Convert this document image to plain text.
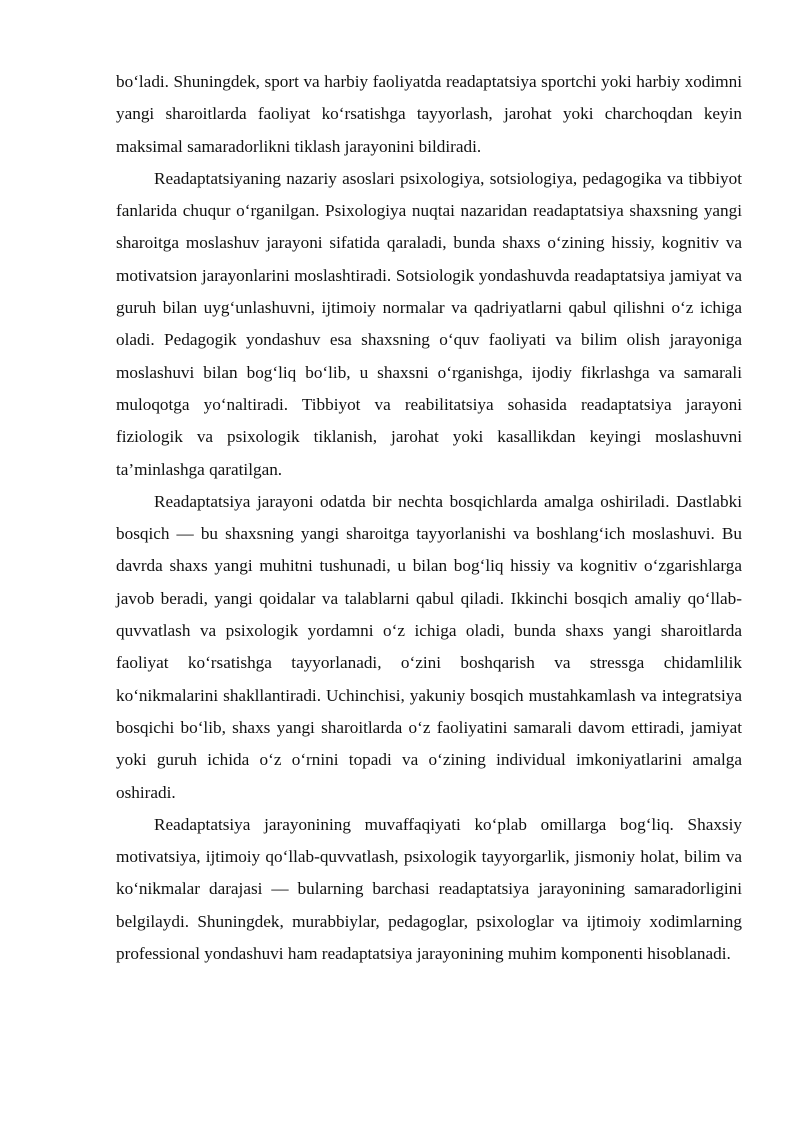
bo‘ladi. Shuningdek, sport va harbiy faoliyatda readaptatsiya sportchi yoki harbiy xodimni yangi sharoitlarda faoliyat ko‘rsatishga tayyorlash, jarohat yoki charchoqdan keyin maksimal samaradorlikni tiklash jarayonini bildiradi.

Readaptatsiyaning nazariy asoslari psixologiya, sotsiologiya, pedagogika va tibbiyot fanlarida chuqur o‘rganilgan. Psixologiya nuqtai nazaridan readaptatsiya shaxsning yangi sharoitga moslashuv jarayoni sifatida qaraladi, bunda shaxs o‘zining hissiy, kognitiv va motivatsion jarayonlarini moslashtiradi. Sotsiologik yondashuvda readaptatsiya jamiyat va guruh bilan uyg‘unlashuvni, ijtimoiy normalar va qadriyatlarni qabul qilishni o‘z ichiga oladi. Pedagogik yondashuv esa shaxsning o‘quv faoliyati va bilim olish jarayoniga moslashuvi bilan bog‘liq bo‘lib, u shaxsni o‘rganishga, ijodiy fikrlashga va samarali muloqotga yo‘naltiradi. Tibbiyot va reabilitatsiya sohasida readaptatsiya jarayoni fiziologik va psixologik tiklanish, jarohat yoki kasallikdan keyingi moslashuvni ta’minlashga qaratilgan.

Readaptatsiya jarayoni odatda bir nechta bosqichlarda amalga oshiriladi. Dastlabki bosqich — bu shaxsning yangi sharoitga tayyorlanishi va boshlang‘ich moslashuvi. Bu davrda shaxs yangi muhitni tushunadi, u bilan bog‘liq hissiy va kognitiv o‘zgarishlarga javob beradi, yangi qoidalar va talablarni qabul qiladi. Ikkinchi bosqich amaliy qo‘llab-quvvatlash va psixologik yordamni o‘z ichiga oladi, bunda shaxs yangi sharoitlarda faoliyat ko‘rsatishga tayyorlanadi, o‘zini boshqarish va stressga chidamlilik ko‘nikmalarini shakllantiradi. Uchinchisi, yakuniy bosqich mustahkamlash va integratsiya bosqichi bo‘lib, shaxs yangi sharoitlarda o‘z faoliyatini samarali davom ettiradi, jamiyat yoki guruh ichida o‘z o‘rnini topadi va o‘zining individual imkoniyatlarini amalga oshiradi.

Readaptatsiya jarayonining muvaffaqiyati ko‘plab omillarga bog‘liq. Shaxsiy motivatsiya, ijtimoiy qo‘llab-quvvatlash, psixologik tayyorgarlik, jismoniy holat, bilim va ko‘nikmalar darajasi — bularning barchasi readaptatsiya jarayonining samaradorligini belgilaydi. Shuningdek, murabbiylar, pedagoglar, psixologlar va ijtimoiy xodimlarning professional yondashuvi ham readaptatsiya jarayonining muhim komponenti hisoblanadi.
